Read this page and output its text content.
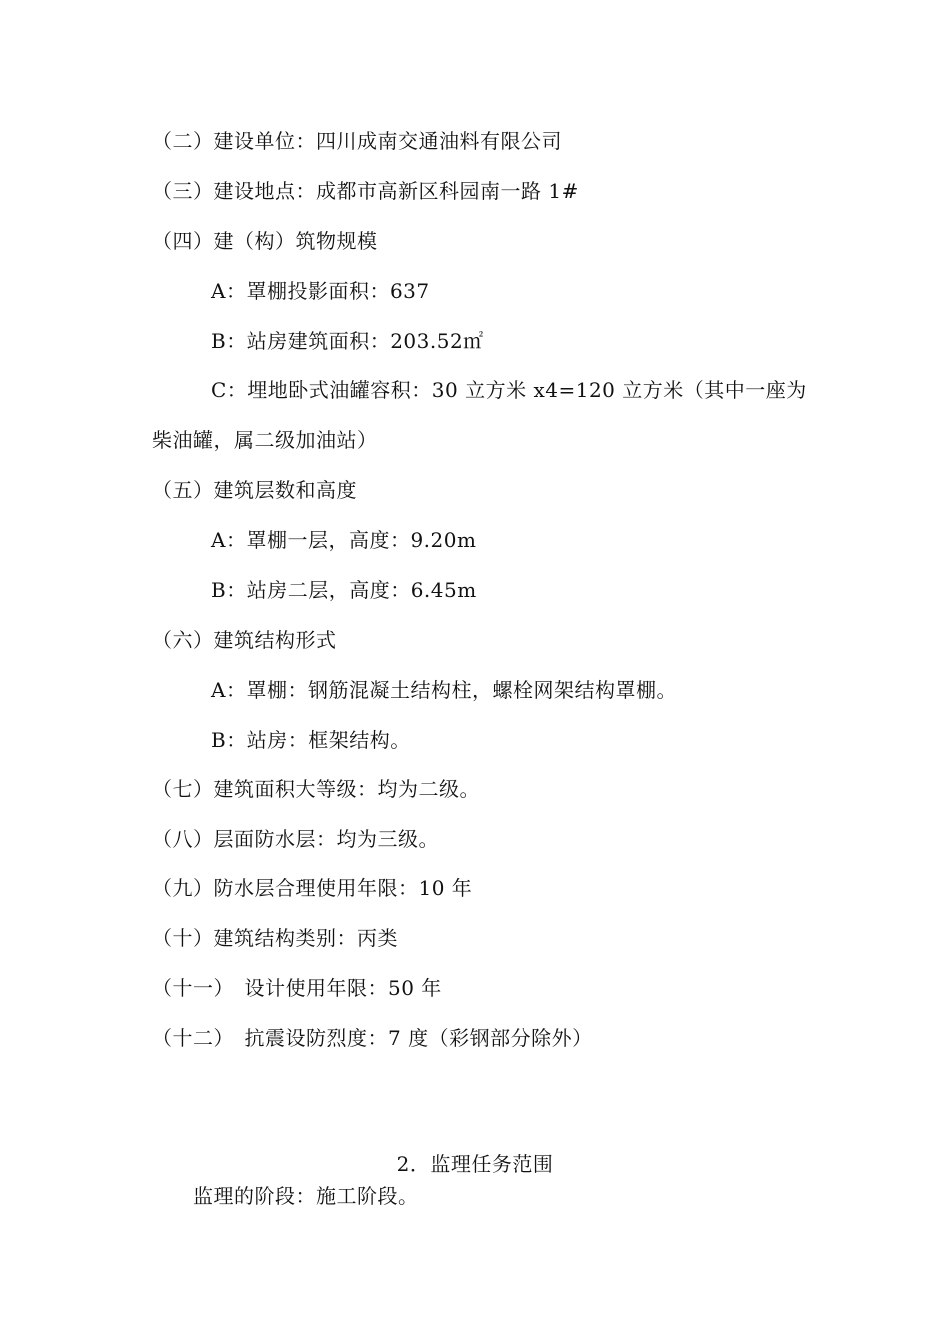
（二）建设单位：四川成南交通油料有限公司
（三）建设地点：成都市高新区科园南一路 1#
（四）建（构）筑物规模
A：罩棚投影面积：637
B：站房建筑面积：203.52㎡
C：埋地卧式油罐容积：30 立方米 x4=120 立方米（其中一座为
柴油罐，属二级加油站）
（五）建筑层数和高度
A：罩棚一层，高度：9.20m
B：站房二层，高度：6.45m
（六）建筑结构形式
A：罩棚：钢筋混凝土结构柱，螺栓网架结构罩棚。
B：站房：框架结构。
（七）建筑面积大等级：均为二级。
（八）层面防水层：均为三级。
（九）防水层合理使用年限：10 年
（十）建筑结构类别：丙类
（十一）　设计使用年限：50 年
（十二）　抗震设防烈度：7 度（彩钢部分除外）
2．监理任务范围
监理的阶段：施工阶段。
